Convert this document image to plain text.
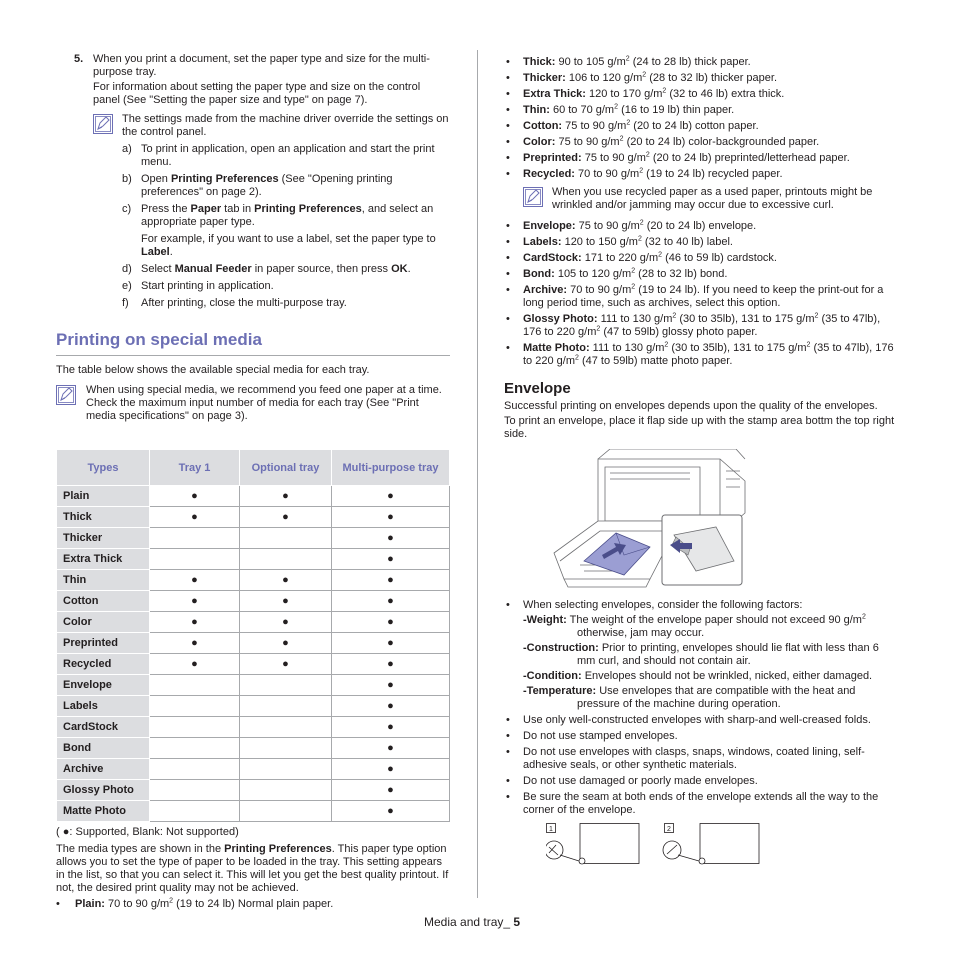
5. When you print a document, set the paper type and size for the multi-purpose tray.
For information about setting the paper type and size on the control panel (See "Setting the paper size and type" on page 7).
The settings made from the machine driver override the settings on the control panel.
a) To print in application, open an application and start the print menu.
b) Open Printing Preferences (See "Opening printing preferences" on page 2).
c) Press the Paper tab in Printing Preferences, and select an appropriate paper type.
For example, if you want to use a label, set the paper type to Label.
d) Select Manual Feeder in paper source, then press OK.
e) Start printing in application.
f) After printing, close the multi-purpose tray.
Printing on special media
The table below shows the available special media for each tray.
When using special media, we recommend you feed one paper at a time. Check the maximum input number of media for each tray (See "Print media specifications" on page 3).
Types	Tray 1	Optional tray	Multi-purpose tray
Plain	●	●	●
Thick	●	●	●
Thicker			●
Extra Thick			●
Thin	●	●	●
Cotton	●	●	●
Color	●	●	●
Preprinted	●	●	●
Recycled	●	●	●
Envelope			●
Labels			●
CardStock			●
Bond			●
Archive			●
Glossy Photo			●
Matte Photo			●
( ●: Supported, Blank: Not supported)
The media types are shown in the Printing Preferences. This paper type option allows you to set the type of paper to be loaded in the tray. This setting appears in the list, so that you can select it. This will let you get the best quality printout. If not, the desired print quality may not be achieved.
• Plain: 70 to 90 $g/m^2$ (19 to 24 lb) Normal plain paper.
• Thick: 90 to 105 $g/m^2$ (24 to 28 lb) thick paper.
• Thicker: 106 to 120 $g/m^2$ (28 to 32 lb) thicker paper.
• Extra Thick: 120 to 170 $g/m^2$ (32 to 46 lb) extra thick.
• Thin: 60 to 70 $g/m^2$ (16 to 19 lb) thin paper.
• Cotton: 75 to 90 $g/m^2$ (20 to 24 lb) cotton paper.
• Color: 75 to 90 $g/m^2$ (20 to 24 lb) color-backgrounded paper.
• Preprinted: 75 to 90 $g/m^2$ (20 to 24 lb) preprinted/letterhead paper.
• Recycled: 70 to 90 $g/m^2$ (19 to 24 lb) recycled paper.
When you use recycled paper as a used paper, printouts might be wrinkled and/or jamming may occur due to excessive curl.
• Envelope: 75 to 90 $g/m^2$ (20 to 24 lb) envelope.
• Labels: 120 to 150 $g/m^2$ (32 to 40 lb) label.
• CardStock: 171 to 220 $g/m^2$ (46 to 59 lb) cardstock.
• Bond: 105 to 120 $g/m^2$ (28 to 32 lb) bond.
• Archive: 70 to 90 $g/m^2$ (19 to 24 lb). If you need to keep the print-out for a long period time, such as archives, select this option.
• Glossy Photo: 111 to 130 $g/m^2$ (30 to 35lb), 131 to 175 $g/m^2$ (35 to 47lb), 176 to 220 $g/m^2$ (47 to 59lb) glossy photo paper.
• Matte Photo: 111 to 130 $g/m^2$ (30 to 35lb), 131 to 175 $g/m^2$ (35 to 47lb), 176 to 220 $g/m^2$ (47 to 59lb) matte photo paper.
Envelope
Successful printing on envelopes depends upon the quality of the envelopes.
To print an envelope, place it flap side up with the stamp area bottm the top right side.
• When selecting envelopes, consider the following factors:
-Weight: The weight of the envelope paper should not exceed 90 $g/m^2$ otherwise, jam may occur.
-Construction: Prior to printing, envelopes should lie flat with less than 6 mm curl, and should not contain air.
-Condition: Envelopes should not be wrinkled, nicked, either damaged.
-Temperature: Use envelopes that are compatible with the heat and pressure of the machine during operation.
• Use only well-constructed envelopes with sharp-and well-creased folds.
• Do not use stamped envelopes.
• Do not use envelopes with clasps, snaps, windows, coated lining, self-adhesive seals, or other synthetic materials.
• Do not use damaged or poorly made envelopes.
• Be sure the seam at both ends of the envelope extends all the way to the corner of the envelope.
1	2
Media and tray_ 5
